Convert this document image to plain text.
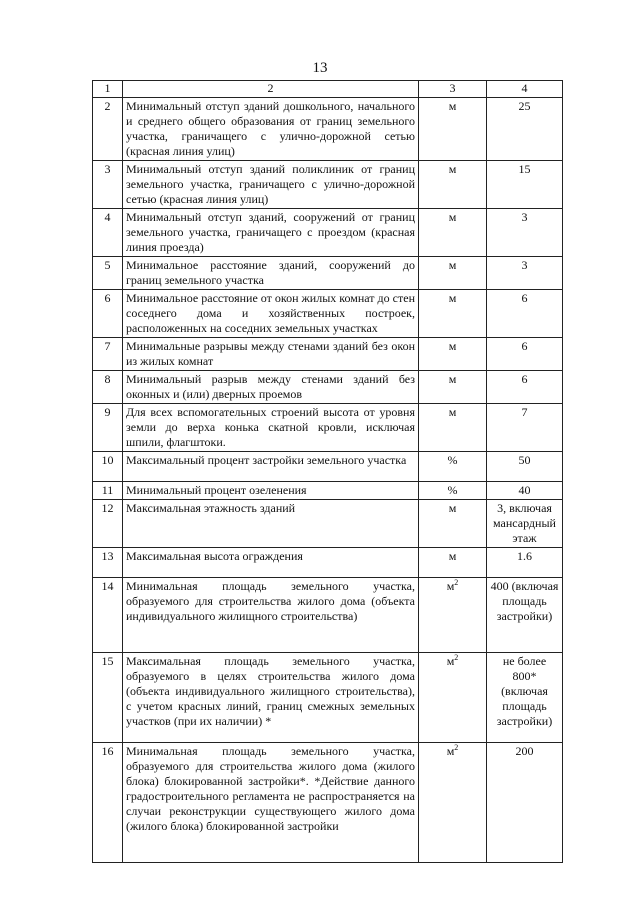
13
1	2	3	4
2	Минимальный отступ зданий дошкольного, начального и среднего общего образования от границ земельного участка, граничащего с улично-дорожной сетью (красная линия улиц)	м	25
3	Минимальный отступ зданий поликлиник от границ земельного участка, граничащего с улично-дорожной сетью (красная линия улиц)	м	15
4	Минимальный отступ зданий, сооружений от границ земельного участка, граничащего с проездом (красная линия проезда)	м	3
5	Минимальное расстояние зданий, сооружений до границ земельного участка	м	3
6	Минимальное расстояние от окон жилых комнат до стен соседнего дома и хозяйственных построек, расположенных на соседних земельных участках	м	6
7	Минимальные разрывы между стенами зданий без окон из жилых комнат	м	6
8	Минимальный разрыв между стенами зданий без оконных и (или) дверных проемов	м	6
9	Для всех вспомогательных строений высота от уровня земли до верха конька скатной кровли, исключая шпили, флагштоки.	м	7
10	Максимальный процент застройки земельного участка	%	50
11	Минимальный процент озеленения	%	40
12	Максимальная этажность зданий	м	3, включая мансардный этаж
13	Максимальная высота ограждения	м	1.6
14	Минимальная площадь земельного участка, образуемого для строительства жилого дома (объекта индивидуального жилищного строительства)	$м^2$	400 (включая площадь застройки)
15	Максимальная площадь земельного участка, образуемого в целях строительства жилого дома (объекта индивидуального жилищного строительства), с учетом красных линий, границ смежных земельных участков (при их наличии) *	$м^2$	не более 800* (включая площадь застройки)
16	Минимальная площадь земельного участка, образуемого для строительства жилого дома (жилого блока) блокированной застройки*. *Действие данного градостроительного регламента не распространяется на случаи реконструкции существующего жилого дома (жилого блока) блокированной застройки	$м^2$	200
